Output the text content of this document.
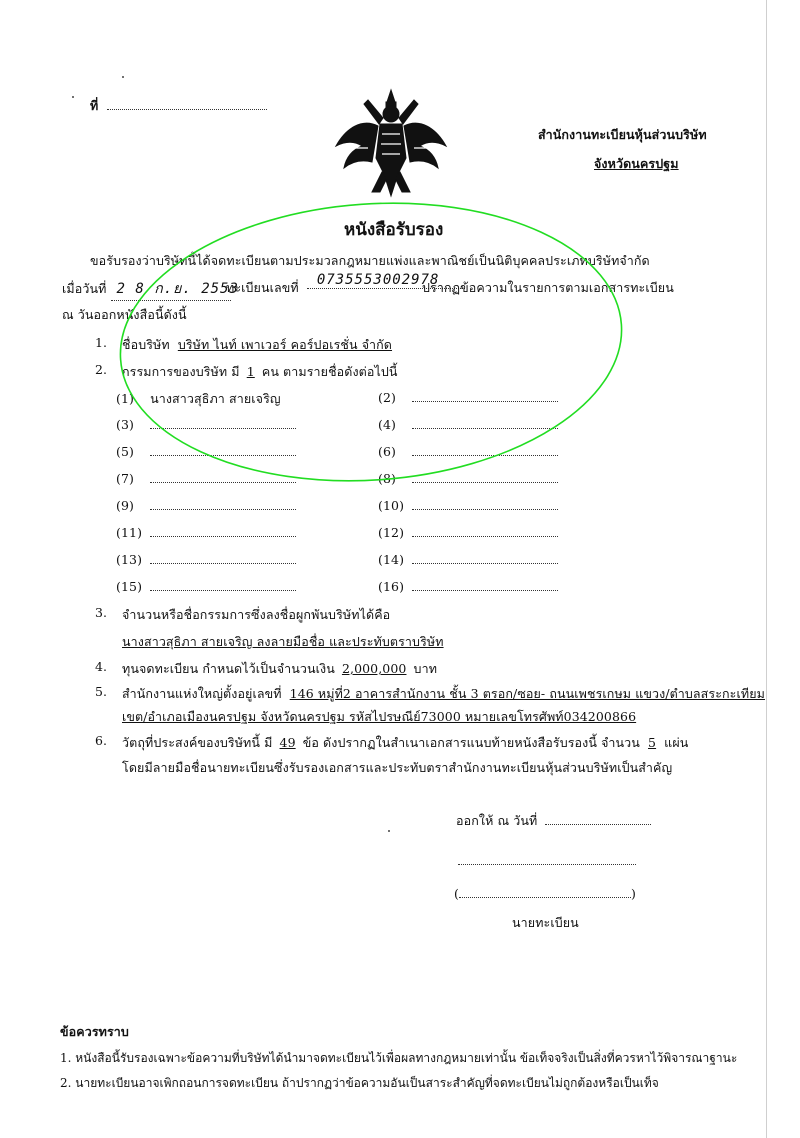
ที่
สำนักงานทะเบียนหุ้นส่วนบริษัท
จังหวัดนครปฐม
หนังสือรับรอง
ขอรับรองว่าบริษัทนี้ได้จดทะเบียนตามประมวลกฎหมายแพ่งและพาณิชย์เป็นนิติบุคคลประเภทบริษัทจำกัด
เมื่อวันที่ 2 8 ก.ย. 2553
ทะเบียนเลขที่ 0735553002978
ปรากฏข้อความในรายการตามเอกสารทะเบียน
ณ วันออกหนังสือนี้ดังนี้
1. ชื่อบริษัท บริษัท ไนท์ เพาเวอร์ คอร์ปอเรชั่น จำกัด
2. กรรมการของบริษัท มี 1 คน ตามรายชื่อดังต่อไปนี้
(1) นางสาวสุธิภา สายเจริญ	(2)
(3)	(4)
(5)	(6)
(7)	(8)
(9)	(10)
(11)	(12)
(13)	(14)
(15)	(16)
3. จำนวนหรือชื่อกรรมการซึ่งลงชื่อผูกพันบริษัทได้คือ
นางสาวสุธิภา สายเจริญ ลงลายมือชื่อ และประทับตราบริษัท
4. ทุนจดทะเบียน กำหนดไว้เป็นจำนวนเงิน 2,000,000 บาท
5. สำนักงานแห่งใหญ่ตั้งอยู่เลขที่ 146 หมู่ที่2 อาคารสำนักงาน ชั้น 3 ตรอก/ซอย- ถนนเพชรเกษม แขวง/ตำบลสระกะเทียม
เขต/อำเภอเมืองนครปฐม จังหวัดนครปฐม รหัสไปรษณีย์73000 หมายเลขโทรศัพท์034200866
6. วัตถุที่ประสงค์ของบริษัทนี้ มี 49 ข้อ ดังปรากฏในสำเนาเอกสารแนบท้ายหนังสือรับรองนี้ จำนวน 5 แผ่น
โดยมีลายมือชื่อนายทะเบียนซึ่งรับรองเอกสารและประทับตราสำนักงานทะเบียนหุ้นส่วนบริษัทเป็นสำคัญ
ออกให้ ณ วันที่
(	)
นายทะเบียน
ข้อควรทราบ
1. หนังสือนี้รับรองเฉพาะข้อความที่บริษัทได้นำมาจดทะเบียนไว้เพื่อผลทางกฎหมายเท่านั้น ข้อเท็จจริงเป็นสิ่งที่ควรหาไว้พิจารณาฐานะ
2. นายทะเบียนอาจเพิกถอนการจดทะเบียน ถ้าปรากฏว่าข้อความอันเป็นสาระสำคัญที่จดทะเบียนไม่ถูกต้องหรือเป็นเท็จ
